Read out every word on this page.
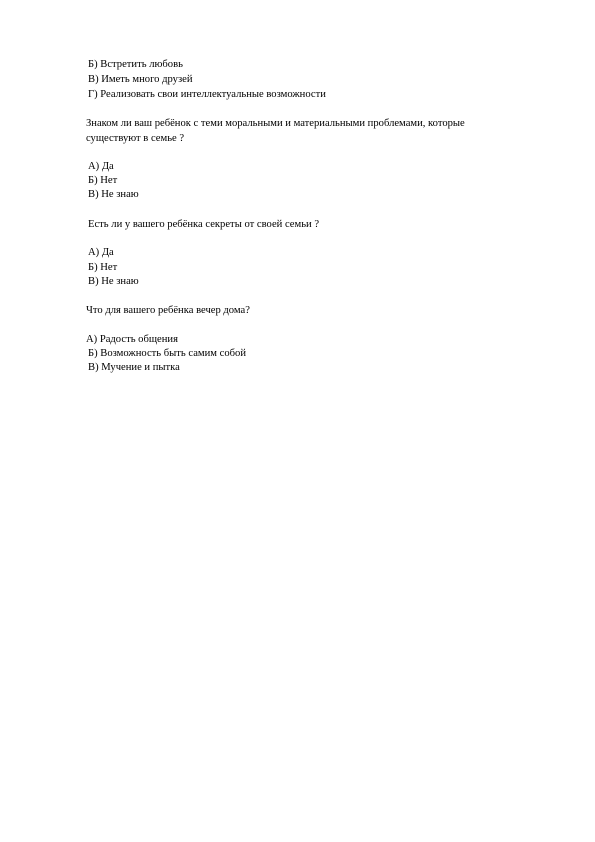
Б) Встретить любовь
В) Иметь много друзей
Г) Реализовать свои интеллектуальные возможности
Знаком ли ваш ребёнок с теми моральными и материальными проблемами, которые
существуют в семье ?
А) Да
Б) Нет
В) Не знаю
Есть ли у вашего ребёнка секреты от своей семьи ?
А) Да
Б) Нет
В) Не знаю
Что для вашего ребёнка вечер дома?
А) Радость общения
Б) Возможность быть самим собой
В) Мучение и пытка
